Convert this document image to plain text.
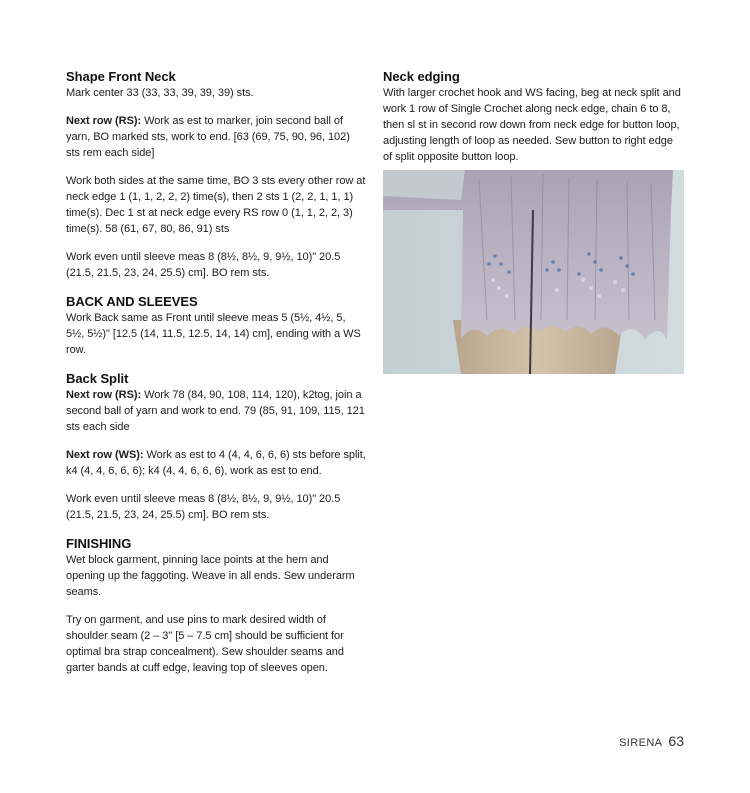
Shape Front Neck

Mark center 33 (33, 33, 39, 39, 39) sts.

Next row (RS): Work as est to marker, join second ball of yarn, BO marked sts, work to end. [63 (69, 75, 90, 96, 102) sts rem each side]

Work both sides at the same time, BO 3 sts every other row at neck edge 1 (1, 1, 2, 2, 2) time(s), then 2 sts 1 (2, 2, 1, 1, 1) time(s). Dec 1 st at neck edge every RS row 0 (1, 1, 2, 2, 3) time(s). 58 (61, 67, 80, 86, 91) sts

Work even until sleeve meas 8 (8½, 8½, 9, 9½, 10)" 20.5 (21.5, 21.5, 23, 24, 25.5) cm]. BO rem sts.

BACK AND SLEEVES

Work Back same as Front until sleeve meas 5 (5½, 4½, 5, 5½, 5½)" [12.5 (14, 11.5, 12.5, 14, 14) cm], ending with a WS row.

Back Split

Next row (RS): Work 78 (84, 90, 108, 114, 120), k2tog, join a second ball of yarn and work to end. 79 (85, 91, 109, 115, 121 sts each side

Next row (WS): Work as est to 4 (4, 4, 6, 6, 6) sts before split, k4 (4, 4, 6, 6, 6); k4 (4, 4, 6, 6, 6), work as est to end.

Work even until sleeve meas 8 (8½, 8½, 9, 9½, 10)" 20.5 (21.5, 21.5, 23, 24, 25.5) cm]. BO rem sts.

FINISHING

Wet block garment, pinning lace points at the hem and opening up the faggoting. Weave in all ends. Sew underarm seams.

Try on garment, and use pins to mark desired width of shoulder seam (2 – 3" [5 – 7.5 cm] should be sufficient for optimal bra strap concealment). Sew shoulder seams and garter bands at cuff edge, leaving top of sleeves open.

Neck edging

With larger crochet hook and WS facing, beg at neck split and work 1 row of Single Crochet along neck edge, chain 6 to 8, then sl st in second row down from neck edge for button loop, adjusting length of loop as needed. Sew button to right edge of split opposite button loop.

SIRENA 63
